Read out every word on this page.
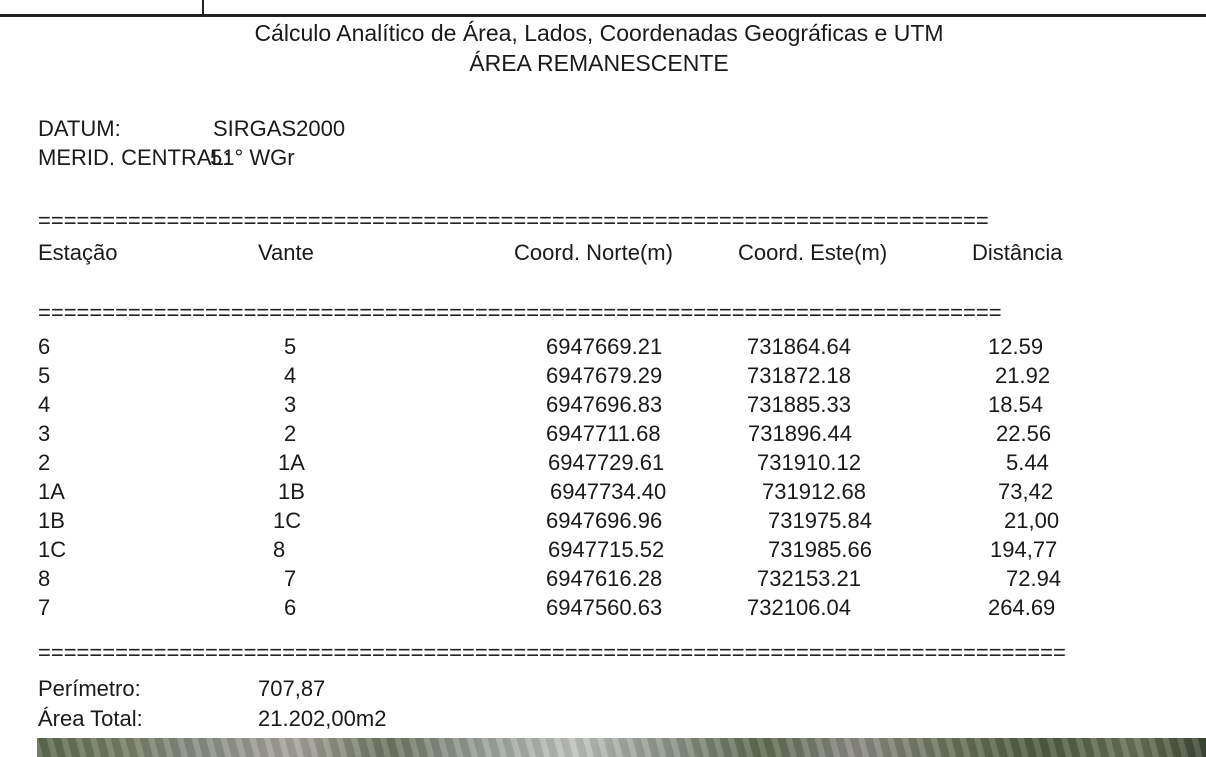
Cálculo Analítico de Área, Lados, Coordenadas Geográficas e UTM
ÁREA REMANESCENTE
DATUM:	SIRGAS2000
MERID. CENTRAL:
51° WGr
==========================================================================
Estação	Vante	Coord. Norte(m)	Coord. Este(m)	Distância
===========================================================================
6	5	6947669.21	731864.64	12.59
5	4	6947679.29	731872.18	21.92
4	3	6947696.83	731885.33	18.54
3	2	6947711.68	731896.44	22.56
2	1A	6947729.61	731910.12	5.44
1A	1B	6947734.40	731912.68	73,42
1B	1C	6947696.96	731975.84	21,00
1C	8	6947715.52	731985.66	194,77
8	7	6947616.28	732153.21	72.94
7	6	6947560.63	732106.04	264.69
================================================================================
Perímetro:	707,87
Área Total:	21.202,00m2
